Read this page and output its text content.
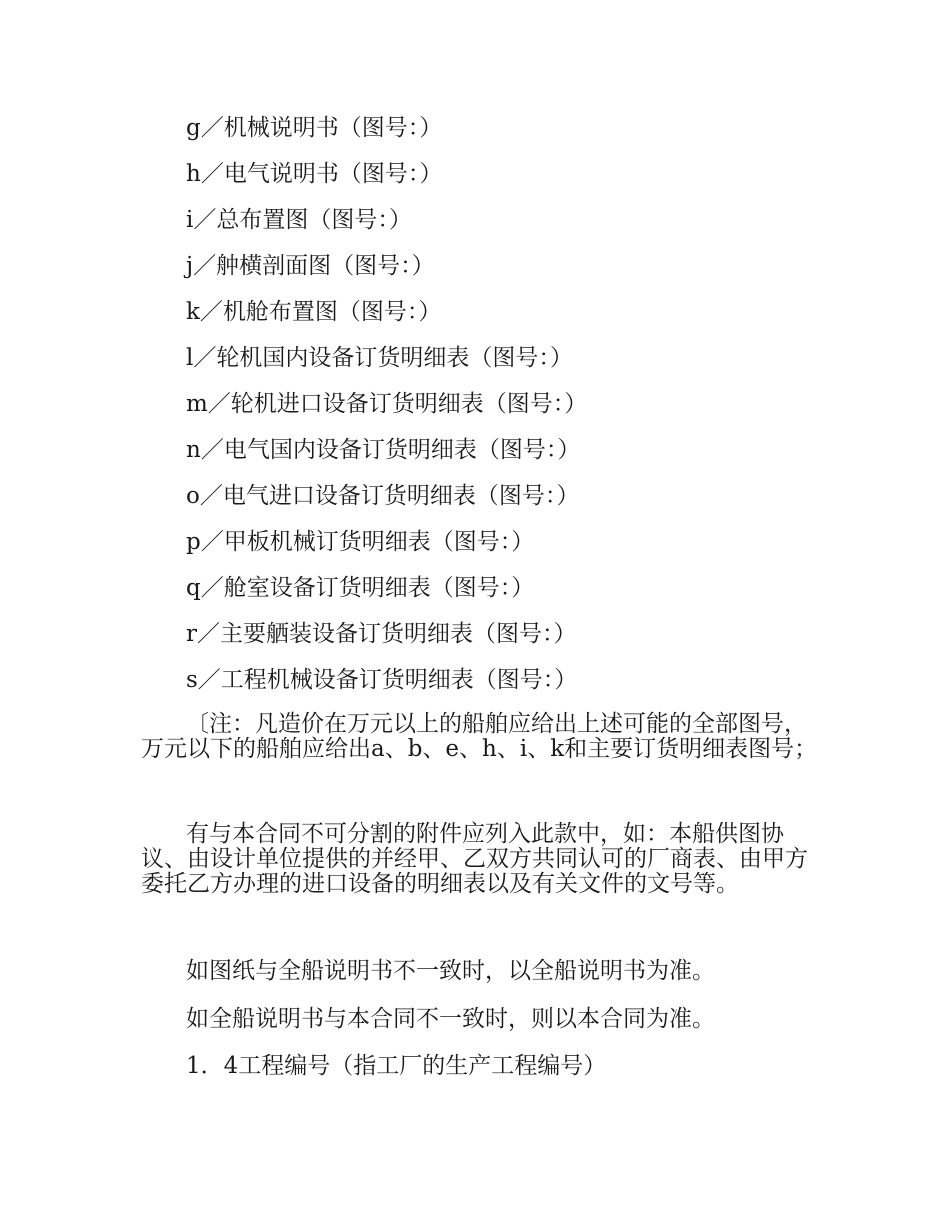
g／机械说明书（图号：）
h／电气说明书（图号：）
i／总布置图（图号：）
j／舯横剖面图（图号：）
k／机舱布置图（图号：）
l／轮机国内设备订货明细表（图号：）
m／轮机进口设备订货明细表（图号：）
n／电气国内设备订货明细表（图号：）
o／电气进口设备订货明细表（图号：）
p／甲板机械订货明细表（图号：）
q／舱室设备订货明细表（图号：）
r／主要舾装设备订货明细表（图号：）
s／工程机械设备订货明细表（图号：）
〔注：凡造价在万元以上的船舶应给出上述可能的全部图号，万元以下的船舶应给出a、b、e、h、i、k和主要订货明细表图号；
有与本合同不可分割的附件应列入此款中，如：本船供图协议、由设计单位提供的并经甲、乙双方共同认可的厂商表、由甲方委托乙方办理的进口设备的明细表以及有关文件的文号等。
如图纸与全船说明书不一致时，以全船说明书为准。
如全船说明书与本合同不一致时，则以本合同为准。
1．4工程编号（指工厂的生产工程编号）
